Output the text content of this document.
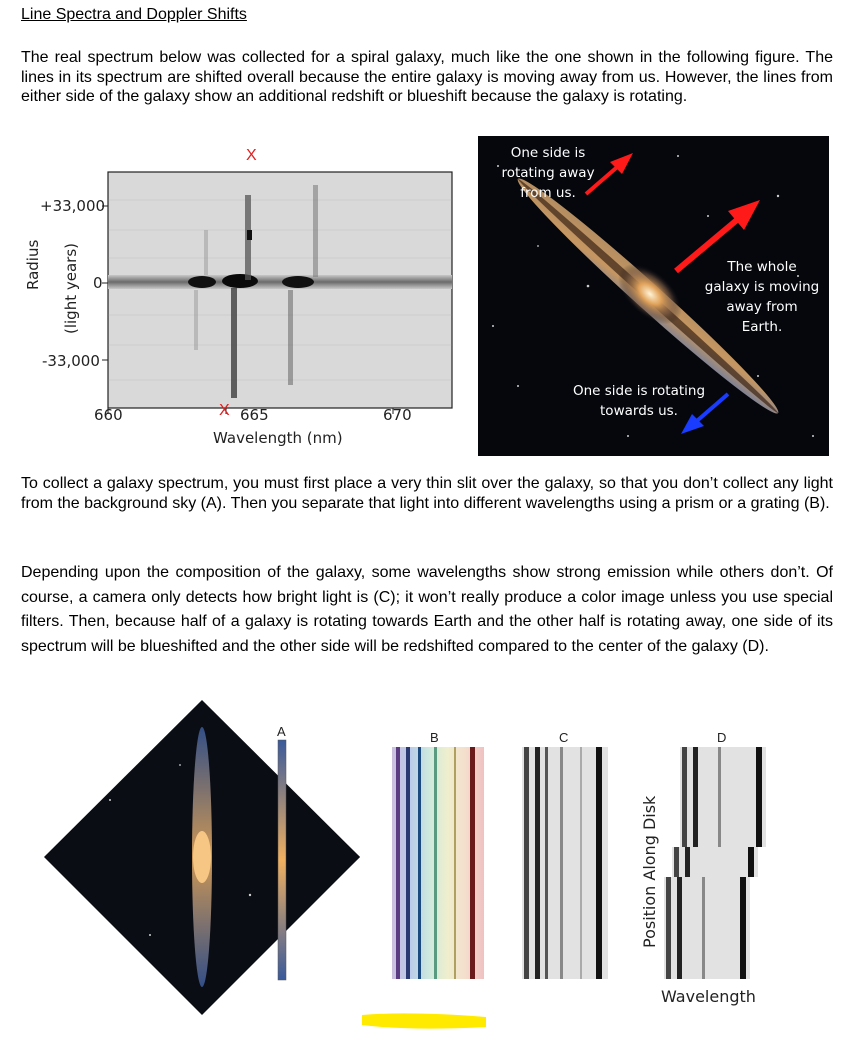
Line Spectra and Doppler Shifts
The real spectrum below was collected for a spiral galaxy, much like the one shown in the following figure. The lines in its spectrum are shifted overall because the entire galaxy is moving away from us. However, the lines from either side of the galaxy show an additional redshift or blueshift because the galaxy is rotating.
X
X
+33,000
0
-33,000
660	665	670
Wavelength (nm)
Radius (light years)
One side is
rotating away
from us.
The whole
galaxy is moving
away from
Earth.
One side is rotating
towards us.
To collect a galaxy spectrum, you must first place a very thin slit over the galaxy, so that you don’t collect any light from the background sky (A). Then you separate that light into different wavelengths using a prism or a grating (B).
Depending upon the composition of the galaxy, some wavelengths show strong emission while others don’t. Of course, a camera only detects how bright light is (C); it won’t really produce a color image unless you use special filters. Then, because half of a galaxy is rotating towards Earth and the other half is rotating away, one side of its spectrum will be blueshifted and the other side will be redshifted compared to the center of the galaxy (D).
A	B	C	D
Position Along Disk
Wavelength
